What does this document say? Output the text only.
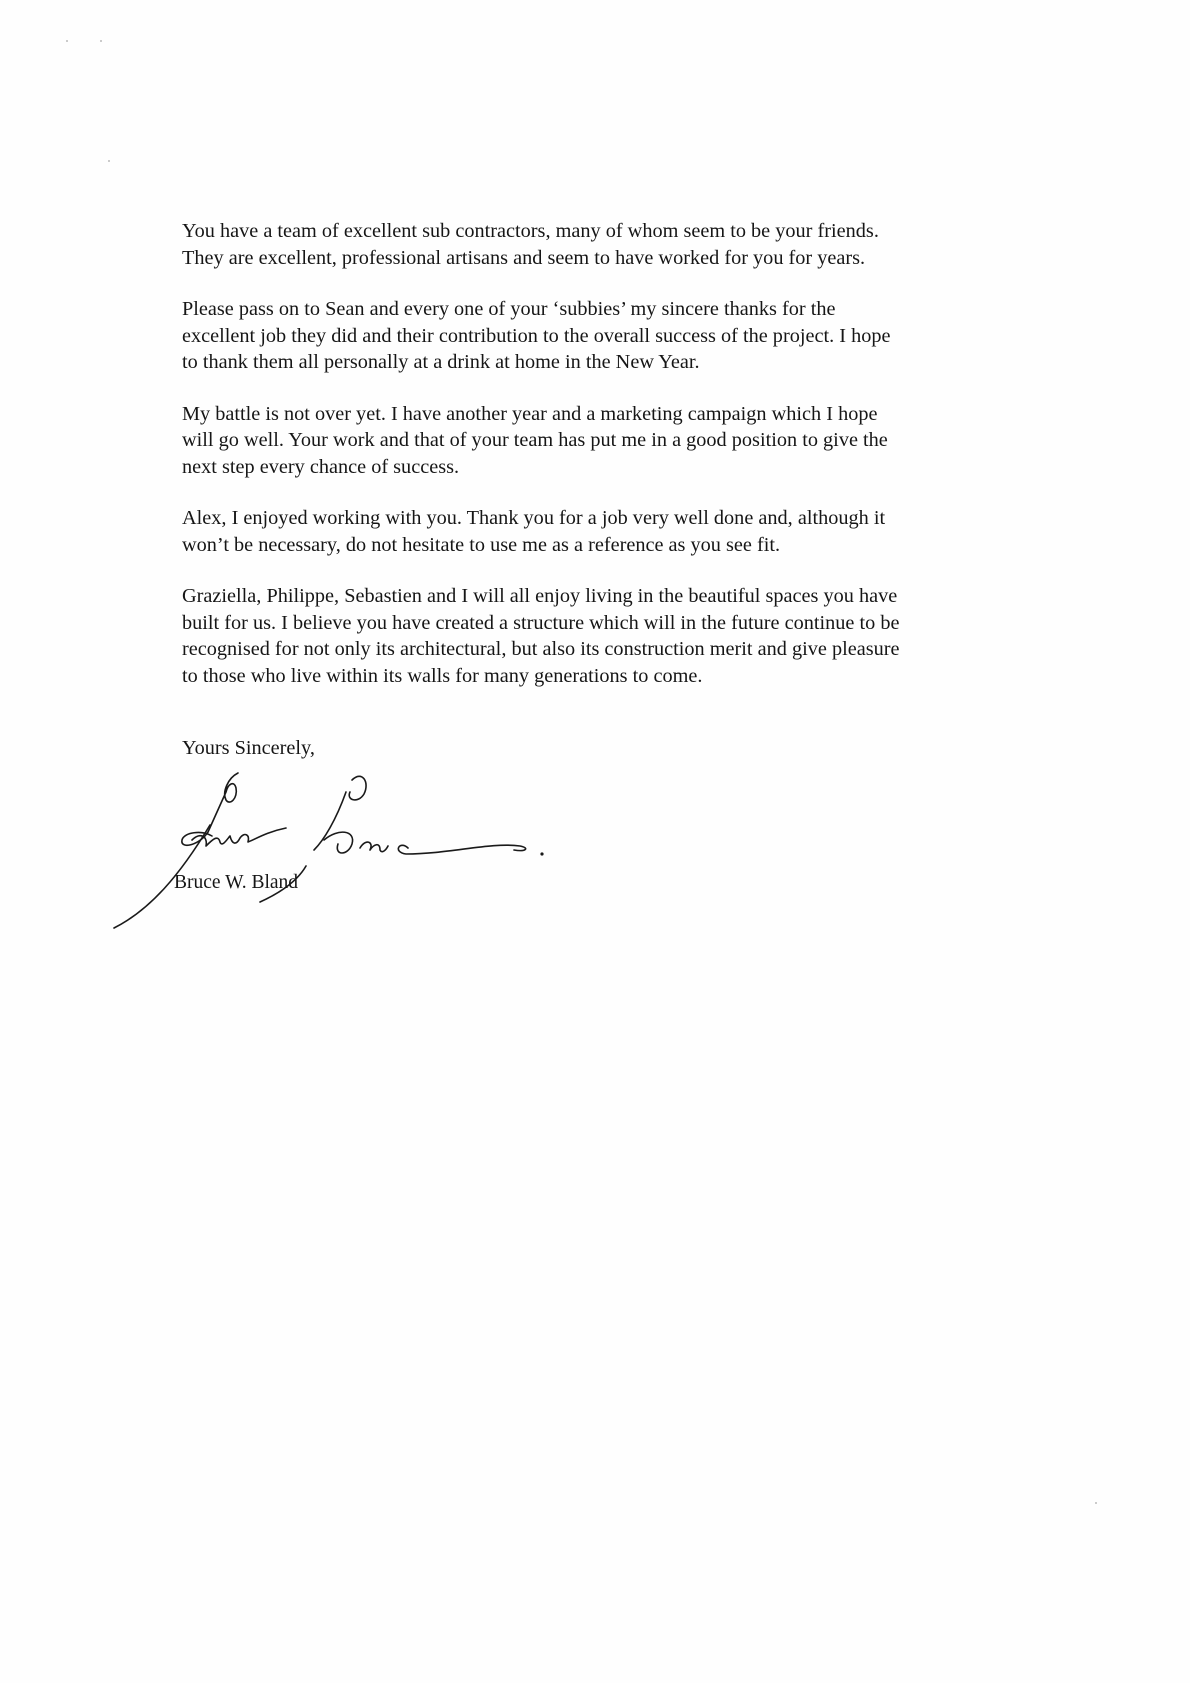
You have a team of excellent sub contractors, many of whom seem to be your friends.
They are excellent, professional artisans and seem to have worked for you for years.

Please pass on to Sean and every one of your ‘subbies’ my sincere thanks for the
excellent job they did and their contribution to the overall success of the project. I hope
to thank them all personally at a drink at home in the New Year.

My battle is not over yet. I have another year and a marketing campaign which I hope
will go well. Your work and that of your team has put me in a good position to give the
next step every chance of success.

Alex, I enjoyed working with you. Thank you for a job very well done and, although it
won’t be necessary, do not hesitate to use me as a reference as you see fit.

Graziella, Philippe, Sebastien and I will all enjoy living in the beautiful spaces you have
built for us. I believe you have created a structure which will in the future continue to be
recognised for not only its architectural, but also its construction merit and give pleasure
to those who live within its walls for many generations to come.

Yours Sincerely,
Bruce W. Bland
